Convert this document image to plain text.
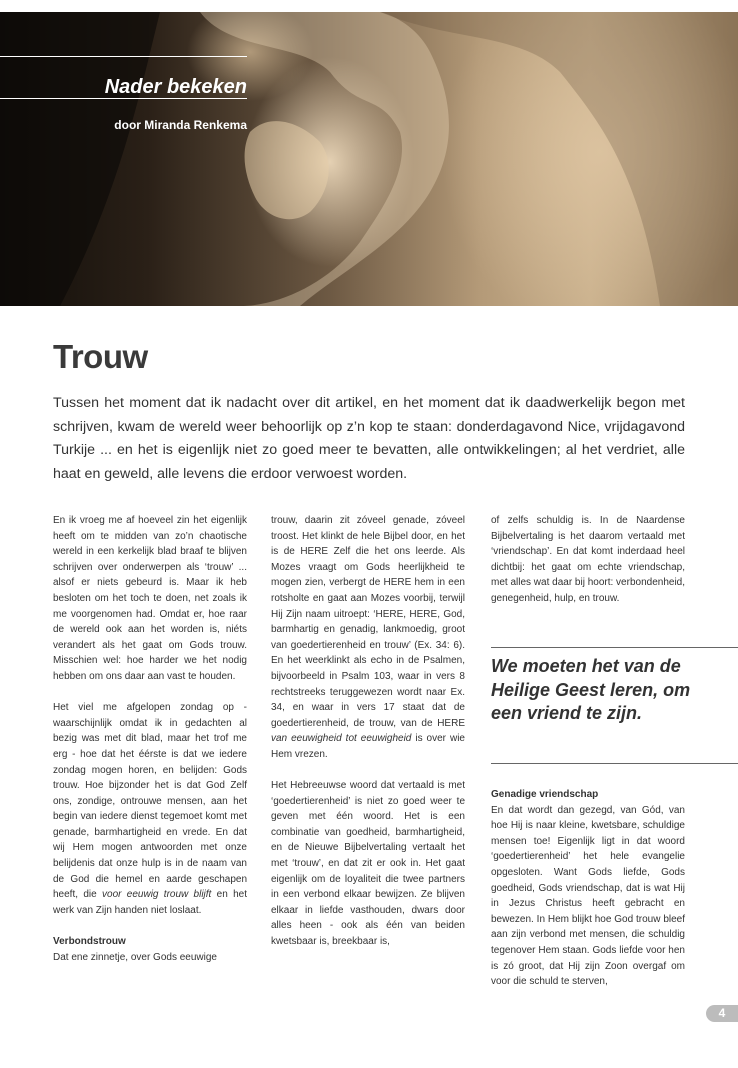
Nader bekeken
door Miranda Renkema
Trouw
Tussen het moment dat ik nadacht over dit artikel, en het moment dat ik daadwerkelijk begon met schrijven, kwam de wereld weer behoorlijk op z’n kop te staan: donderdagavond Nice, vrijdagavond Turkije ... en het is eigenlijk niet zo goed meer te bevatten, alle ontwikkelingen; al het verdriet, alle haat en geweld, alle levens die erdoor verwoest worden.

En ik vroeg me af hoeveel zin het eigenlijk heeft om te midden van zo’n chaotische wereld in een kerkelijk blad braaf te blijven schrijven over onderwerpen als ‘trouw’ ... alsof er niets gebeurd is. Maar ik heb besloten om het toch te doen, net zoals ik me voorgenomen had. Omdat er, hoe raar de wereld ook aan het worden is, niéts verandert als het gaat om Gods trouw. Misschien wel: hoe harder we het nodig hebben om ons daar aan vast te houden.

Het viel me afgelopen zondag op - waarschijnlijk omdat ik in gedachten al bezig was met dit blad, maar het trof me erg - hoe dat het éérste is dat we iedere zondag mogen horen, en belijden: Gods trouw. Hoe bijzonder het is dat God Zelf ons, zondige, ontrouwe mensen, aan het begin van iedere dienst tegemoet komt met genade, barmhartigheid en vrede. En dat wij Hem mogen antwoorden met onze belijdenis dat onze hulp is in de naam van de God die hemel en aarde geschapen heeft, die voor eeuwig trouw blijft en het werk van Zijn handen niet loslaat.

Verbondstrouw

Dat ene zinnetje, over Gods eeuwige

trouw, daarin zit zóveel genade, zóveel troost. Het klinkt de hele Bijbel door, en het is de HERE Zelf die het ons leerde. Als Mozes vraagt om Gods heerlijkheid te mogen zien, verbergt de HERE hem in een rotsholte en gaat aan Mozes voorbij, terwijl Hij Zijn naam uitroept: ‘HERE, HERE, God, barmhartig en genadig, lankmoedig, groot van goedertierenheid en trouw’ (Ex. 34: 6). En het weerklinkt als echo in de Psalmen, bijvoorbeeld in Psalm 103, waar in vers 8 rechtstreeks teruggewezen wordt naar Ex. 34, en waar in vers 17 staat dat de goedertierenheid, de trouw, van de HERE van eeuwigheid tot eeuwigheid is over wie Hem vrezen.

Het Hebreeuwse woord dat vertaald is met ‘goedertierenheid’ is niet zo goed weer te geven met één woord. Het is een combinatie van goedheid, barmhartigheid, en de Nieuwe Bijbelvertaling vertaalt het met ‘trouw’, en dat zit er ook in. Het gaat eigenlijk om de loyaliteit die twee partners in een verbond elkaar bewijzen. Ze blijven elkaar in liefde vasthouden, dwars door alles heen - ook als één van beiden kwetsbaar is, breekbaar is,

of zelfs schuldig is. In de Naardense Bijbelvertaling is het daarom vertaald met ‘vriendschap’. En dat komt inderdaad heel dichtbij: het gaat om echte vriendschap, met alles wat daar bij hoort: verbondenheid, genegenheid, hulp, en trouw.

We moeten het van de Heilige Geest leren, om een vriend te zijn.
Genadige vriendschap

En dat wordt dan gezegd, van Gód, van hoe Hij is naar kleine, kwetsbare, schuldige mensen toe! Eigenlijk ligt in dat woord ‘goedertierenheid’ het hele evangelie opgesloten. Want Gods liefde, Gods goedheid, Gods vriendschap, dat is wat Hij in Jezus Christus heeft gebracht en bewezen. In Hem blijkt hoe God trouw bleef aan zijn verbond met mensen, die schuldig tegenover Hem staan. Gods liefde voor hen is zó groot, dat Hij zijn Zoon overgaf om voor die schuld te sterven,

4
